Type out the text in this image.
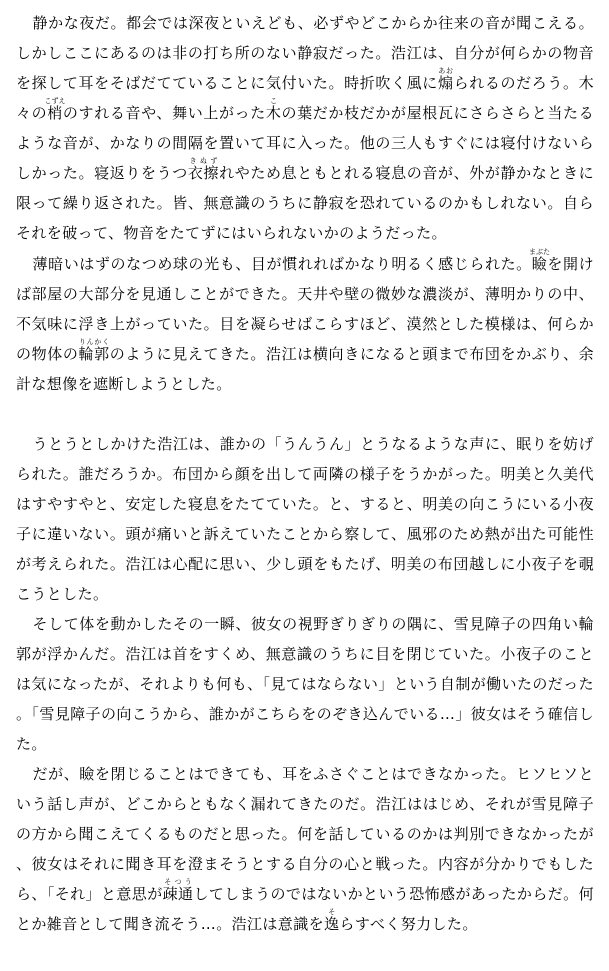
静かな夜だ。都会では深夜といえども、必ずやどこからか往来の音が聞こえる。しかしここにあるのは非の打ち所のない静寂だった。浩江は、自分が何らかの物音を探して耳をそばだてていることに気付いた。時折吹く風に煽あおられるのだろう。木々の梢こずえのすれる音や、舞い上がった木この葉だか枝だかが屋根瓦にさらさらと当たるような音が、かなりの間隔を置いて耳に入った。他の三人もすぐには寝付けないらしかった。寝返りをうつ衣擦きぬずれやため息ともとれる寝息の音が、外が静かなときに限って繰り返された。皆、無意識のうちに静寂を恐れているのかもしれない。自らそれを破って、物音をたてずにはいられないかのようだった。

薄暗いはずのなつめ球の光も、目が慣れればかなり明るく感じられた。瞼まぶたを開けば部屋の大部分を見通しことができた。天井や壁の微妙な濃淡が、薄明かりの中、不気味に浮き上がっていた。目を凝らせばこらすほど、漠然とした模様は、何らかの物体の輪郭りんかくのように見えてきた。浩江は横向きになると頭まで布団をかぶり、余計な想像を遮断しようとした。

うとうとしかけた浩江は、誰かの「うんうん」とうなるような声に、眠りを妨げられた。誰だろうか。布団から顔を出して両隣の様子をうかがった。明美と久美代はすやすやと、安定した寝息をたてていた。と、すると、明美の向こうにいる小夜子に違いない。頭が痛いと訴えていたことから察して、風邪のため熱が出た可能性が考えられた。浩江は心配に思い、少し頭をもたげ、明美の布団越しに小夜子を覗こうとした。

そして体を動かしたその一瞬、彼女の視野ぎりぎりの隅に、雪見障子の四角い輪郭が浮かんだ。浩江は首をすくめ、無意識のうちに目を閉じていた。小夜子のことは気になったが、それよりも何も、「見てはならない」という自制が働いたのだった。「雪見障子の向こうから、誰かがこちらをのぞき込んでいる…」彼女はそう確信した。

だが、瞼を閉じることはできても、耳をふさぐことはできなかった。ヒソヒソという話し声が、どこからともなく漏れてきたのだ。浩江ははじめ、それが雪見障子の方から聞こえてくるものだと思った。何を話しているのかは判別できなかったが、彼女はそれに聞き耳を澄まそうとする自分の心と戦った。内容が分かりでもしたら、「それ」と意思が疎通そつうしてしまうのではないかという恐怖感があったからだ。何とか雑音として聞き流そう…。浩江は意識を逸そらすべく努力した。
